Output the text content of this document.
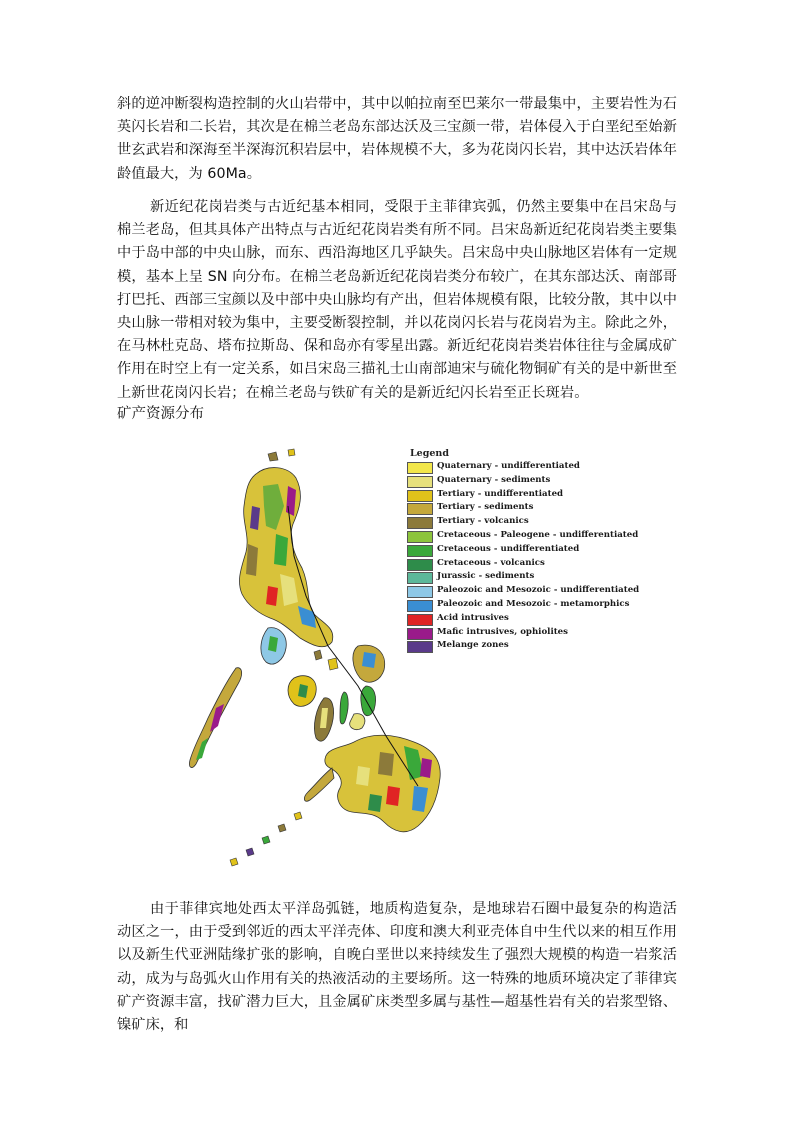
斜的逆冲断裂构造控制的火山岩带中，其中以帕拉南至巴莱尔一带最集中，主要岩性为石英闪长岩和二长岩，其次是在棉兰老岛东部达沃及三宝颜一带，岩体侵入于白垩纪至始新世玄武岩和深海至半深海沉积岩层中，岩体规模不大，多为花岗闪长岩，其中达沃岩体年龄值最大，为 60Ma。

新近纪花岗岩类与古近纪基本相同，受限于主菲律宾弧，仍然主要集中在吕宋岛与棉兰老岛，但其具体产出特点与古近纪花岗岩类有所不同。吕宋岛新近纪花岗岩类主要集中于岛中部的中央山脉，而东、西沿海地区几乎缺失。吕宋岛中央山脉地区岩体有一定规模，基本上呈 SN 向分布。在棉兰老岛新近纪花岗岩类分布较广，在其东部达沃、南部哥打巴托、西部三宝颜以及中部中央山脉均有产出，但岩体规模有限，比较分散，其中以中央山脉一带相对较为集中，主要受断裂控制，并以花岗闪长岩与花岗岩为主。除此之外，在马林杜克岛、塔布拉斯岛、保和岛亦有零星出露。新近纪花岗岩类岩体往往与金属成矿作用在时空上有一定关系，如吕宋岛三描礼士山南部迪宋与硫化物铜矿有关的是中新世至上新世花岗闪长岩；在棉兰老岛与铁矿有关的是新近纪闪长岩至正长斑岩。

矿产资源分布
Legend
Quaternary - undifferentiated
Quaternary - sediments
Tertiary - undifferentiated
Tertiary - sediments
Tertiary - volcanics
Cretaceous - Paleogene - undifferentiated
Cretaceous - undifferentiated
Cretaceous - volcanics
Jurassic - sediments
Paleozoic and Mesozoic - undifferentiated
Paleozoic and Mesozoic - metamorphics
Acid intrusives
Mafic intrusives, ophiolites
Melange zones

由于菲律宾地处西太平洋岛弧链，地质构造复杂，是地球岩石圈中最复杂的构造活动区之一，由于受到邻近的西太平洋壳体、印度和澳大利亚壳体自中生代以来的相互作用以及新生代亚洲陆缘扩张的影响，自晚白垩世以来持续发生了强烈大规模的构造一岩浆活动，成为与岛弧火山作用有关的热液活动的主要场所。这一特殊的地质环境决定了菲律宾矿产资源丰富，找矿潜力巨大，且金属矿床类型多属与基性—超基性岩有关的岩浆型铬、镍矿床，和
